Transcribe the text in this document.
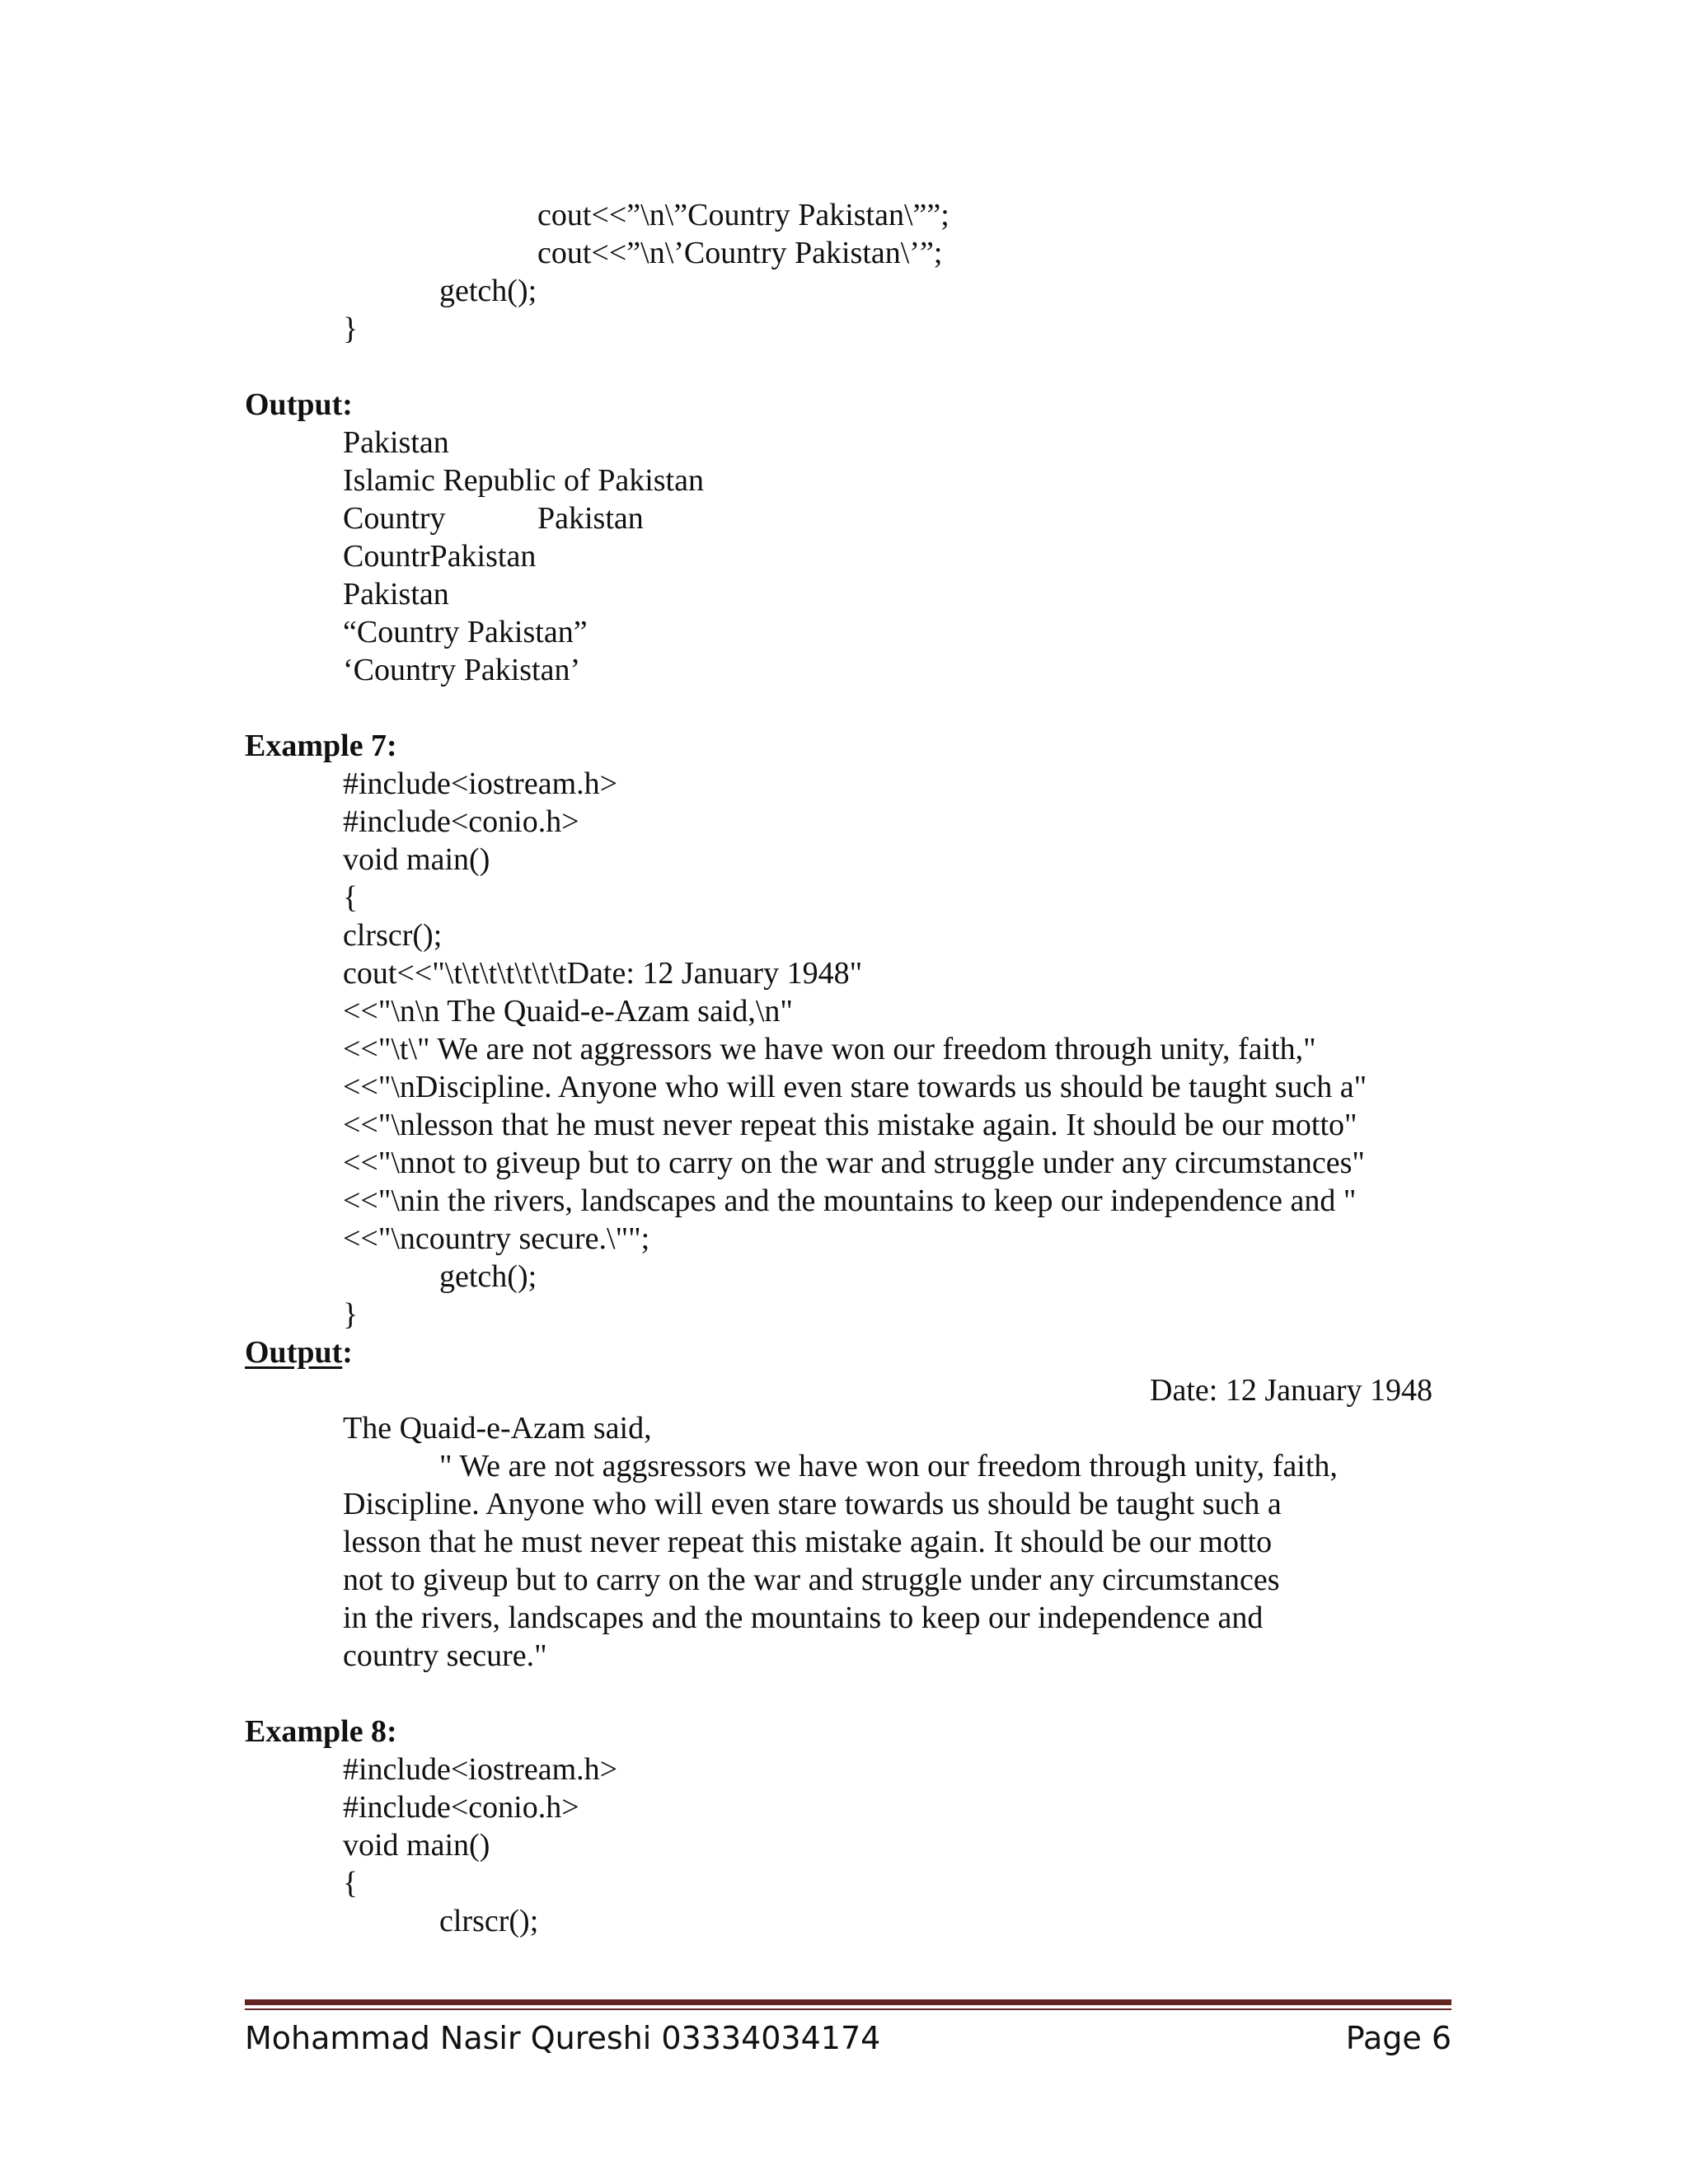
cout<<”\n\”Country Pakistan\””;
cout<<”\n\’Country Pakistan\’”;
getch();
}
Output:
Pakistan
Islamic Republic of Pakistan
Country	Pakistan
CountrPakistan
Pakistan
“Country Pakistan”
‘Country Pakistan’
Example 7:
#include<iostream.h>
#include<conio.h>
void main()
{
clrscr();
cout<<"\t\t\t\t\t\t\tDate: 12 January 1948"
<<"\n\n The Quaid-e-Azam said,\n"
<<"\t\" We are not aggressors we have won our freedom through unity, faith,"
<<"\nDiscipline. Anyone who will even stare towards us should be taught such a"
<<"\nlesson that he must never repeat this mistake again. It should be our motto"
<<"\nnot to giveup but to carry on the war and struggle under any circumstances"
<<"\nin the rivers, landscapes and the mountains to keep our independence and "
<<"\ncountry secure.\"";
getch();
}
Output:
Date: 12 January 1948
The Quaid-e-Azam said,
" We are not aggsressors we have won our freedom through unity, faith,
Discipline. Anyone who will even stare towards us should be taught such a
lesson that he must never repeat this mistake again. It should be our motto
not to giveup but to carry on the war and struggle under any circumstances
in the rivers, landscapes and the mountains to keep our independence and
country secure."
Example 8:
#include<iostream.h>
#include<conio.h>
void main()
{
clrscr();
Mohammad Nasir Qureshi 03334034174	Page 6
